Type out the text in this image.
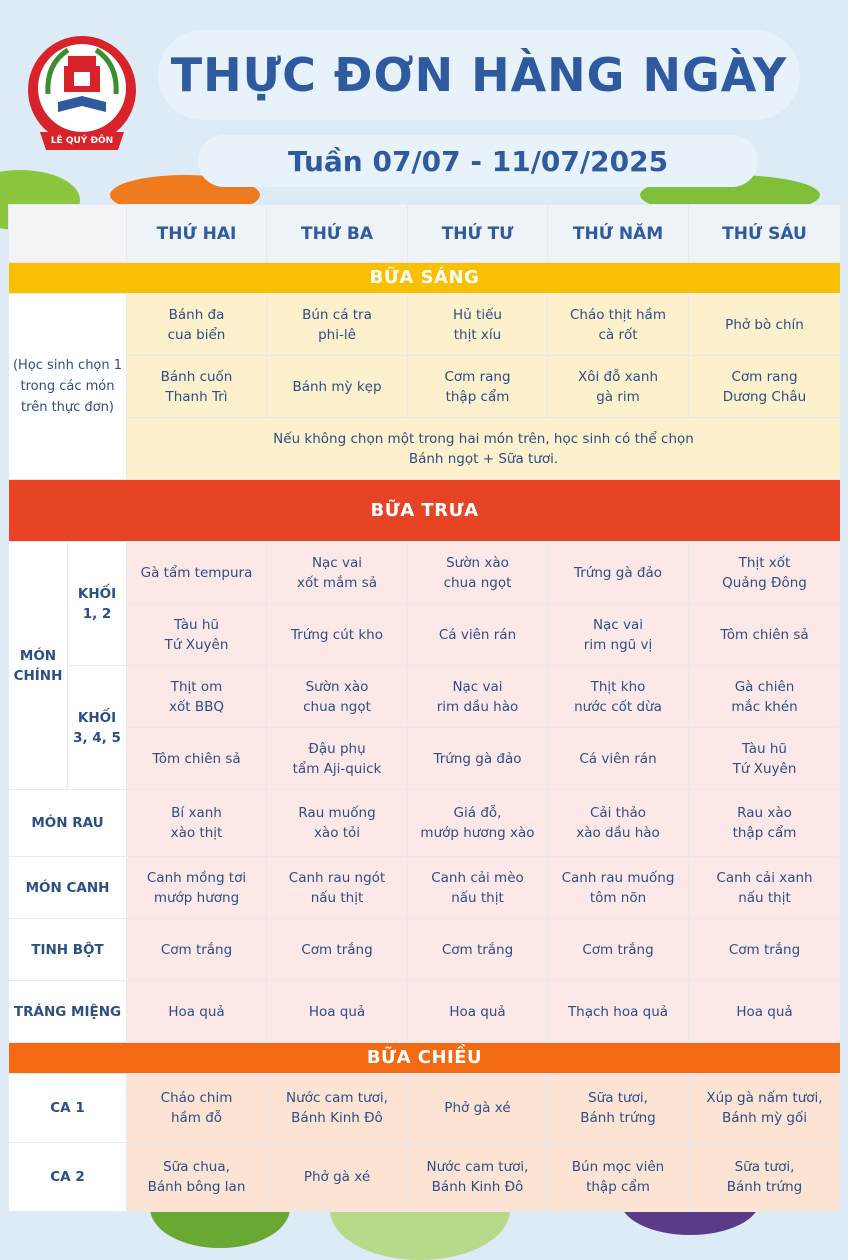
LÊ QUÝ ĐÔN
THỰC ĐƠN HÀNG NGÀY
Tuần 07/07 - 11/07/2025
		THỨ HAI	THỨ BA	THỨ TƯ	THỨ NĂM	THỨ SÁU
BỮA SÁNG						

(Học sinh chọn 1
trong các món
trên thực đơn)		Bánh đa
cua biển	Bún cá tra
phi-lê	Hủ tiếu
thịt xíu	Cháo thịt hầm
cà rốt	Phở bò chín

		Bánh cuốn
Thanh Trì	Bánh mỳ kẹp	Cơm rang
thập cẩm	Xôi đỗ xanh
gà rim	Cơm rang
Dương Châu

		Nếu không chọn một trong hai món trên, học sinh có thể chọn
Bánh ngọt + Sữa tươi.				

BỮA TRƯA						

MÓN
CHÍNH	KHỐI
1, 2	Gà tẩm tempura	Nạc vai
xốt mắm sả	Sườn xào
chua ngọt	Trứng gà đảo	Thịt xốt
Quảng Đông

		Tàu hũ
Tứ Xuyên	Trứng cút kho	Cá viên rán	Nạc vai
rim ngũ vị	Tôm chiên sả

	KHỐI
3, 4, 5	Thịt om
xốt BBQ	Sườn xào
chua ngọt	Nạc vai
rim dầu hào	Thịt kho
nước cốt dừa	Gà chiên
mắc khén

		Tôm chiên sả	Đậu phụ
tẩm Aji-quick	Trứng gà đảo	Cá viên rán	Tàu hũ
Tứ Xuyên

MÓN RAU		Bí xanh
xào thịt	Rau muống
xào tỏi	Giá đỗ,
mướp hương xào	Cải thảo
xào dầu hào	Rau xào
thập cẩm

MÓN CANH		Canh mồng tơi
mướp hương	Canh rau ngót
nấu thịt	Canh cải mèo
nấu thịt	Canh rau muống
tôm nõn	Canh cải xanh
nấu thịt

TINH BỘT		Cơm trắng	Cơm trắng	Cơm trắng	Cơm trắng	Cơm trắng
TRÁNG MIỆNG		Hoa quả	Hoa quả	Hoa quả	Thạch hoa quả	Hoa quả
BỮA CHIỀU						
CA 1		Cháo chim
hầm đỗ	Nước cam tươi,
Bánh Kinh Đô	Phở gà xé	Sữa tươi,
Bánh trứng	Xúp gà nấm tươi,
Bánh mỳ gối

CA 2		Sữa chua,
Bánh bông lan	Phở gà xé	Nước cam tươi,
Bánh Kinh Đô	Bún mọc viên
thập cẩm	Sữa tươi,
Bánh trứng
